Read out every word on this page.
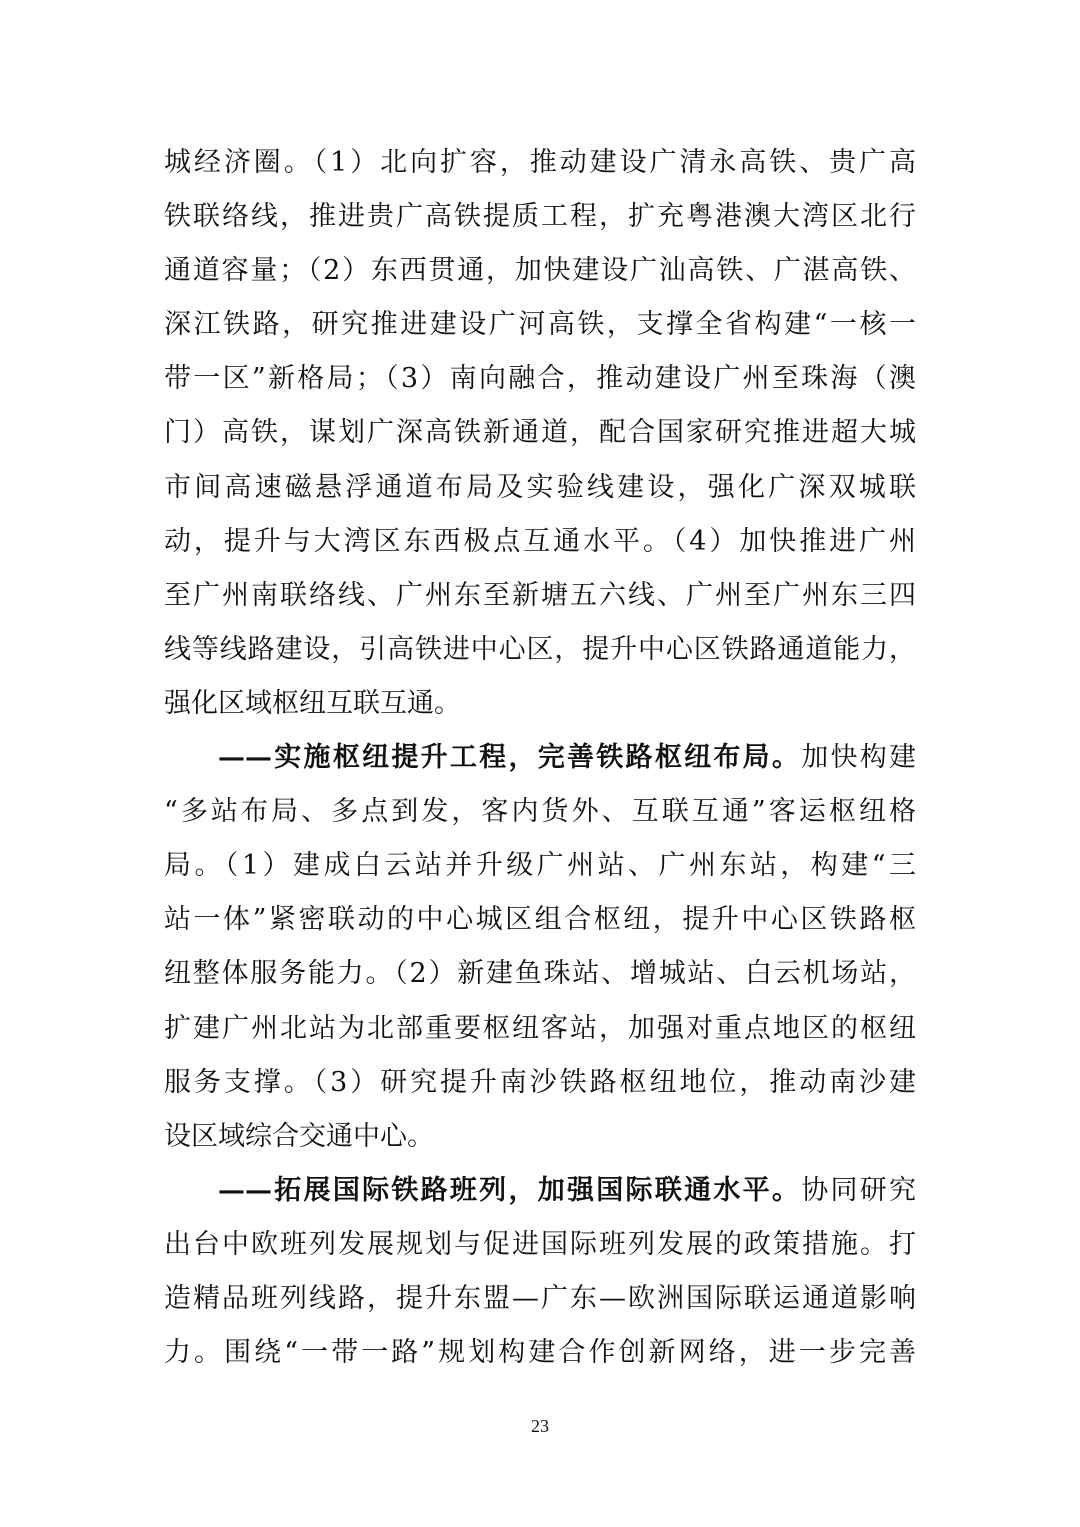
城经济圈。（1）北向扩容，推动建设广清永高铁、贵广高
铁联络线，推进贵广高铁提质工程，扩充粤港澳大湾区北行
通道容量；（2）东西贯通，加快建设广汕高铁、广湛高铁、
深江铁路，研究推进建设广河高铁，支撑全省构建“一核一
带一区”新格局；（3）南向融合，推动建设广州至珠海（澳
门）高铁，谋划广深高铁新通道，配合国家研究推进超大城
市间高速磁悬浮通道布局及实验线建设，强化广深双城联
动，提升与大湾区东西极点互通水平。（4）加快推进广州
至广州南联络线、广州东至新塘五六线、广州至广州东三四
线等线路建设，引高铁进中心区，提升中心区铁路通道能力，
强化区域枢纽互联互通。
——实施枢纽提升工程，完善铁路枢纽布局。加快构建
“多站布局、多点到发，客内货外、互联互通”客运枢纽格
局。（1）建成白云站并升级广州站、广州东站，构建“三
站一体”紧密联动的中心城区组合枢纽，提升中心区铁路枢
纽整体服务能力。（2）新建鱼珠站、增城站、白云机场站，
扩建广州北站为北部重要枢纽客站，加强对重点地区的枢纽
服务支撑。（3）研究提升南沙铁路枢纽地位，推动南沙建
设区域综合交通中心。
——拓展国际铁路班列，加强国际联通水平。协同研究
出台中欧班列发展规划与促进国际班列发展的政策措施。打
造精品班列线路，提升东盟—广东—欧洲国际联运通道影响
力。围绕“一带一路”规划构建合作创新网络，进一步完善
23
